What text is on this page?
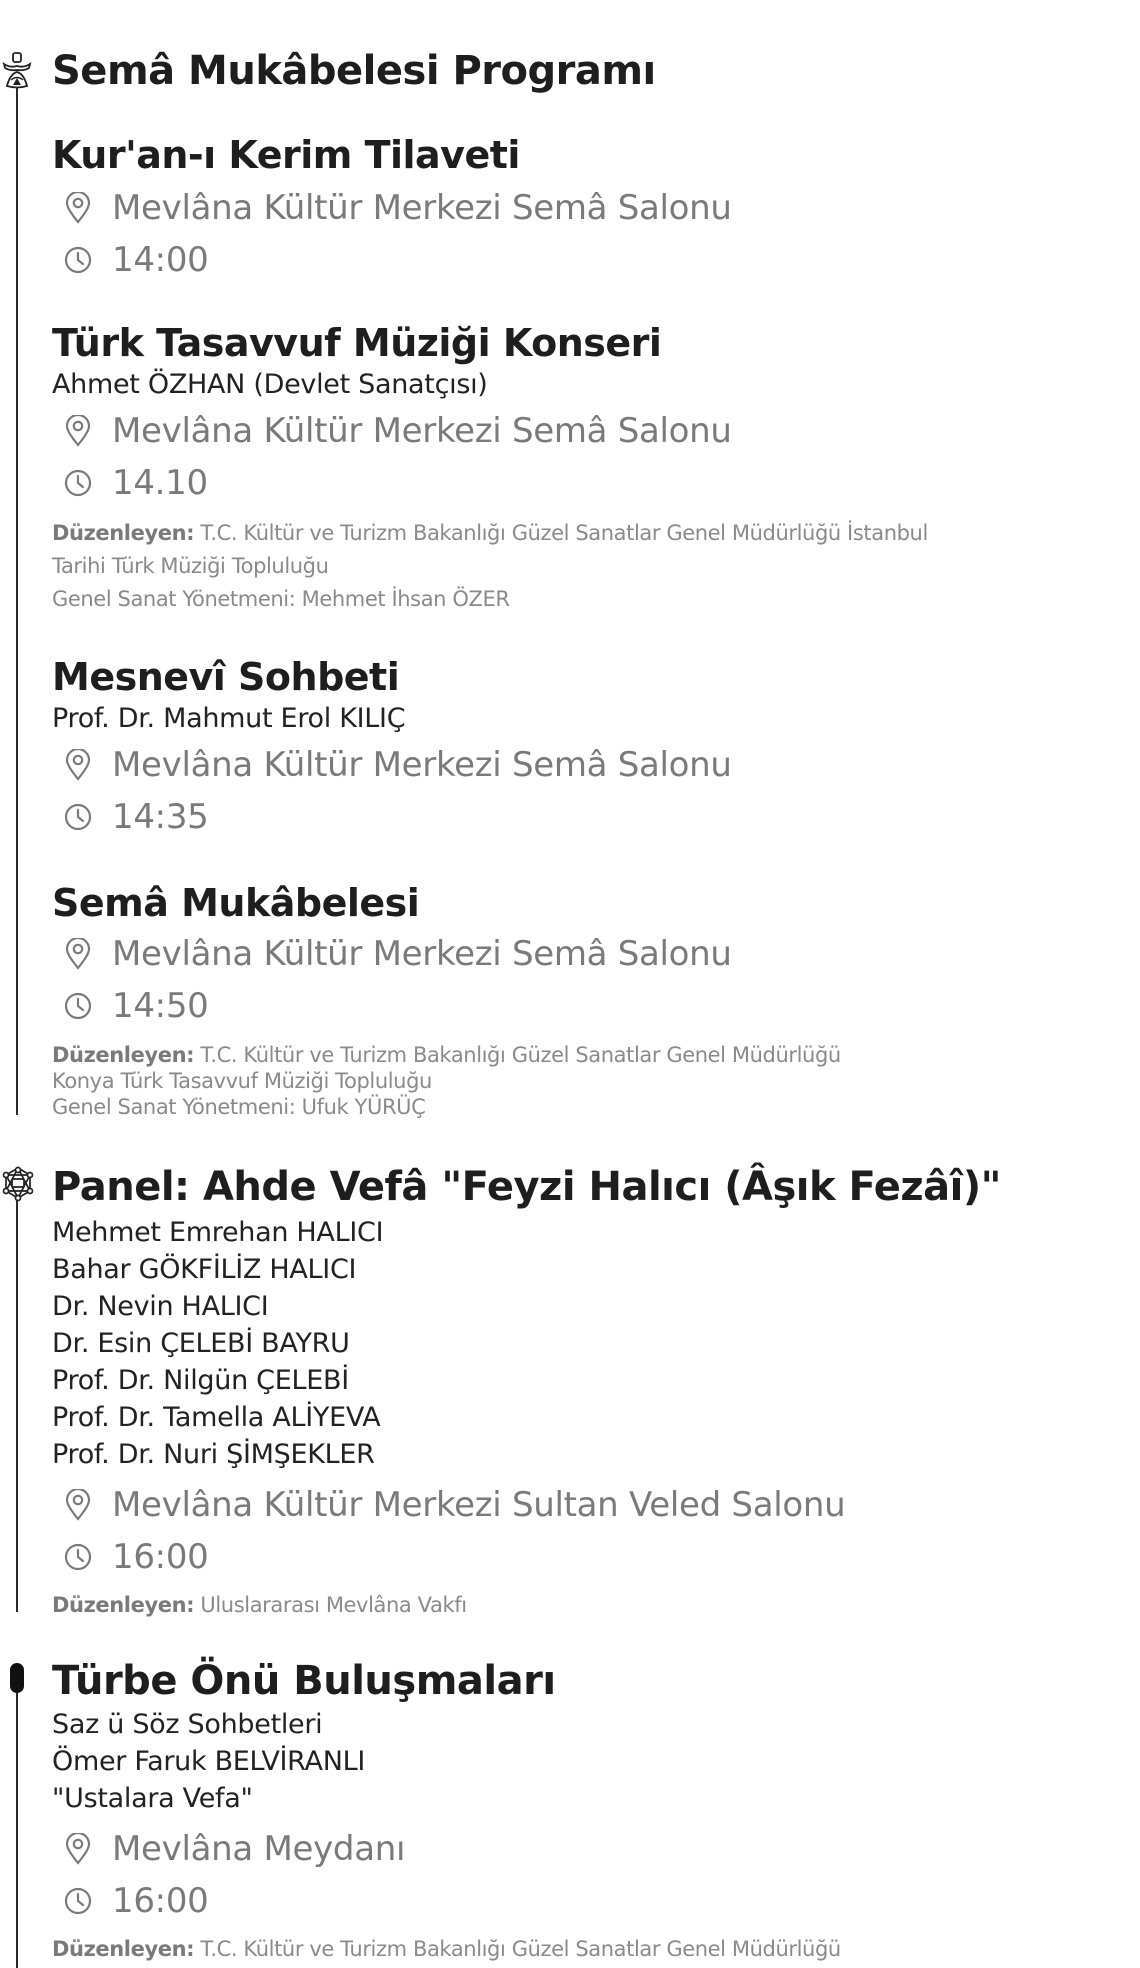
Semâ Mukâbelesi Programı
Kur'an-ı Kerim Tilaveti
Mevlâna Kültür Merkezi Semâ Salonu
14:00
Türk Tasavvuf Müziği Konseri
Ahmet ÖZHAN (Devlet Sanatçısı)
Mevlâna Kültür Merkezi Semâ Salonu
14.10
Düzenleyen: T.C. Kültür ve Turizm Bakanlığı Güzel Sanatlar Genel Müdürlüğü İstanbul
Tarihi Türk Müziği Topluluğu
Genel Sanat Yönetmeni: Mehmet İhsan ÖZER
Mesnevî Sohbeti
Prof. Dr. Mahmut Erol KILIÇ
Mevlâna Kültür Merkezi Semâ Salonu
14:35
Semâ Mukâbelesi
Mevlâna Kültür Merkezi Semâ Salonu
14:50
Düzenleyen: T.C. Kültür ve Turizm Bakanlığı Güzel Sanatlar Genel Müdürlüğü
Konya Türk Tasavvuf Müziği Topluluğu
Genel Sanat Yönetmeni: Ufuk YÜRÜÇ
Panel: Ahde Vefâ "Feyzi Halıcı (Âşık Fezâî)"
Mehmet Emrehan HALICI
Bahar GÖKFİLİZ HALICI
Dr. Nevin HALICI
Dr. Esin ÇELEBİ BAYRU
Prof. Dr. Nilgün ÇELEBİ
Prof. Dr. Tamella ALİYEVA
Prof. Dr. Nuri ŞİMŞEKLER
Mevlâna Kültür Merkezi Sultan Veled Salonu
16:00
Düzenleyen: Uluslararası Mevlâna Vakfı
Türbe Önü Buluşmaları
Saz ü Söz Sohbetleri
Ömer Faruk BELVİRANLI
"Ustalara Vefa"
Mevlâna Meydanı
16:00
Düzenleyen: T.C. Kültür ve Turizm Bakanlığı Güzel Sanatlar Genel Müdürlüğü
